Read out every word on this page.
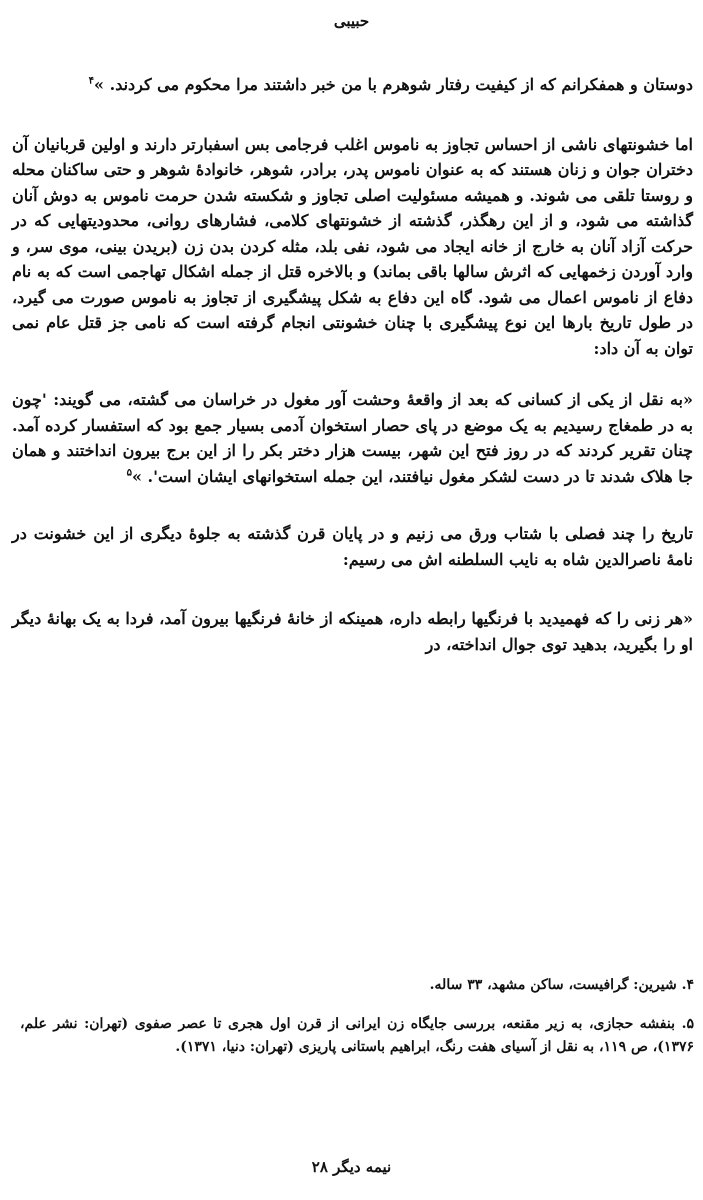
حبیبی

دوستان و همفکرانم که از کیفیت رفتار شوهرم با من خبر داشتند مرا محکوم می کردند. »$^۴$

اما خشونتهای ناشی از احساس تجاوز به ناموس اغلب فرجامی بس اسفبارتر دارند و اولین قربانیان آن دختران جوان و زنان هستند که به عنوان ناموس پدر، برادر، شوهر، خانوادهٔ شوهر و حتی ساکنان محله و روستا تلقی می شوند. و همیشه مسئولیت اصلی تجاوز و شکسته شدن حرمت ناموس به دوش آنان گذاشته می شود، و از این رهگذر، گذشته از خشونتهای کلامی، فشارهای روانی، محدودیتهایی که در حرکت آزاد آنان به خارج از خانه ایجاد می شود، نفی بلد، مثله کردن بدن زن (بریدن بینی، موی سر، و وارد آوردن زخمهایی که اثرش سالها باقی بماند) و بالاخره قتل از جمله اشکال تهاجمی است که به نام دفاع از ناموس اعمال می شود. گاه این دفاع به شکل پیشگیری از تجاوز به ناموس صورت می گیرد، در طول تاریخ بارها این نوع پیشگیری با چنان خشونتی انجام گرفته است که نامی جز قتل عام نمی توان به آن داد:

«به نقل از یکی از کسانی که بعد از واقعهٔ وحشت آور مغول در خراسان می گشته، می گویند: 'چون به در طمغاج رسیدیم به یک موضع در پای حصار استخوان آدمی بسیار جمع بود که استفسار کرده آمد. چنان تقریر کردند که در روز فتح این شهر، بیست هزار دختر بکر را از این برج بیرون انداختند و همان جا هلاک شدند تا در دست لشکر مغول نیافتند، این جمله استخوانهای ایشان است'. »$^۵$

تاریخ را چند فصلی با شتاب ورق می زنیم و در پایان قرن گذشته به جلوهٔ دیگری از این خشونت در نامهٔ ناصرالدین شاه به نایب السلطنه اش می رسیم:

«هر زنی را که فهمیدید با فرنگیها رابطه داره، همینکه از خانهٔ فرنگیها بیرون آمد، فردا به یک بهانهٔ دیگر او را بگیرید، بدهید توی جوال انداخته، در

۴. شیرین: گرافیست، ساکن مشهد، ۳۳ ساله.

۵. بنفشه حجازی، به زیر مقنعه، بررسی جایگاه زن ایرانی از قرن اول هجری تا عصر صفوی (تهران: نشر علم، ۱۳۷۶)، ص ۱۱۹، به نقل از آسیای هفت رنگ، ابراهیم باستانی پاریزی (تهران: دنیا، ۱۳۷۱).

نیمه دیگر ۲۸
